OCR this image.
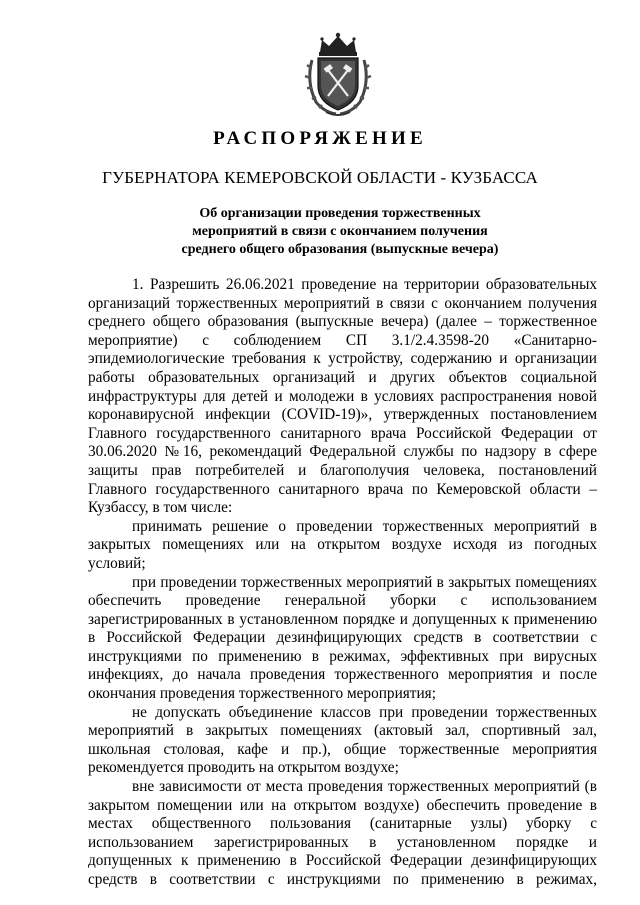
РАСПОРЯЖЕНИЕ
ГУБЕРНАТОРА КЕМЕРОВСКОЙ ОБЛАСТИ - КУЗБАССА
Об организации проведения торжественных
мероприятий в связи с окончанием получения
среднего общего образования (выпускные вечера)

1. Разрешить 26.06.2021 проведение на территории образовательных организаций торжественных мероприятий в связи с окончанием получения среднего общего образования (выпускные вечера) (далее – торжественное мероприятие) с соблюдением СП 3.1/2.4.3598-20 «Санитарно-эпидемиологические требования к устройству, содержанию и организации работы образовательных организаций и других объектов социальной инфраструктуры для детей и молодежи в условиях распространения новой коронавирусной инфекции (COVID-19)», утвержденных постановлением Главного государственного санитарного врача Российской Федерации от 30.06.2020 №16, рекомендаций Федеральной службы по надзору в сфере защиты прав потребителей и благополучия человека, постановлений Главного государственного санитарного врача по Кемеровской области – Кузбассу, в том числе:

принимать решение о проведении торжественных мероприятий в закрытых помещениях или на открытом воздухе исходя из погодных условий;

при проведении торжественных мероприятий в закрытых помещениях обеспечить проведение генеральной уборки с использованием зарегистрированных в установленном порядке и допущенных к применению в Российской Федерации дезинфицирующих средств в соответствии с инструкциями по применению в режимах, эффективных при вирусных инфекциях, до начала проведения торжественного мероприятия и после окончания проведения торжественного мероприятия;

не допускать объединение классов при проведении торжественных мероприятий в закрытых помещениях (актовый зал, спортивный зал, школьная столовая, кафе и пр.), общие торжественные мероприятия рекомендуется проводить на открытом воздухе;

вне зависимости от места проведения торжественных мероприятий (в закрытом помещении или на открытом воздухе) обеспечить проведение в местах общественного пользования (санитарные узлы) уборку с использованием зарегистрированных в установленном порядке и допущенных к применению в Российской Федерации дезинфицирующих средств в соответствии с инструкциями по применению в режимах,
